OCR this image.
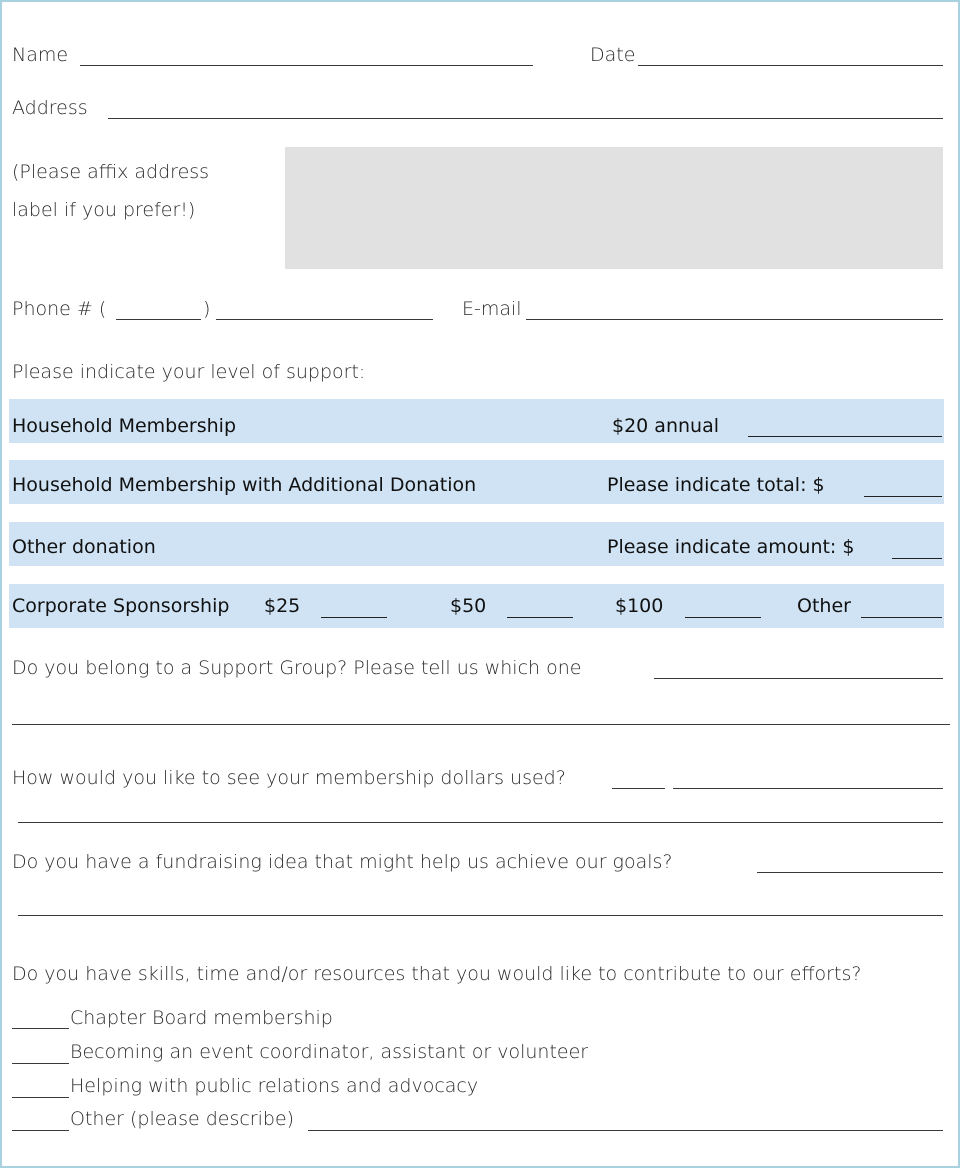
Name	Date
Address
(Please affix address
label if you prefer!)
Phone # (	)	E-mail
Please indicate your level of support:
Household Membership	$20 annual
Household Membership with Additional Donation	Please indicate total: $
Other donation	Please indicate amount: $
Corporate Sponsorship $25	$50	$100	Other
Do you belong to a Support Group? Please tell us which one
How would you like to see your membership dollars used?
Do you have a fundraising idea that might help us achieve our goals?
Do you have skills, time and/or resources that you would like to contribute to our efforts?
Chapter Board membership
Becoming an event coordinator, assistant or volunteer
Helping with public relations and advocacy
Other (please describe)
